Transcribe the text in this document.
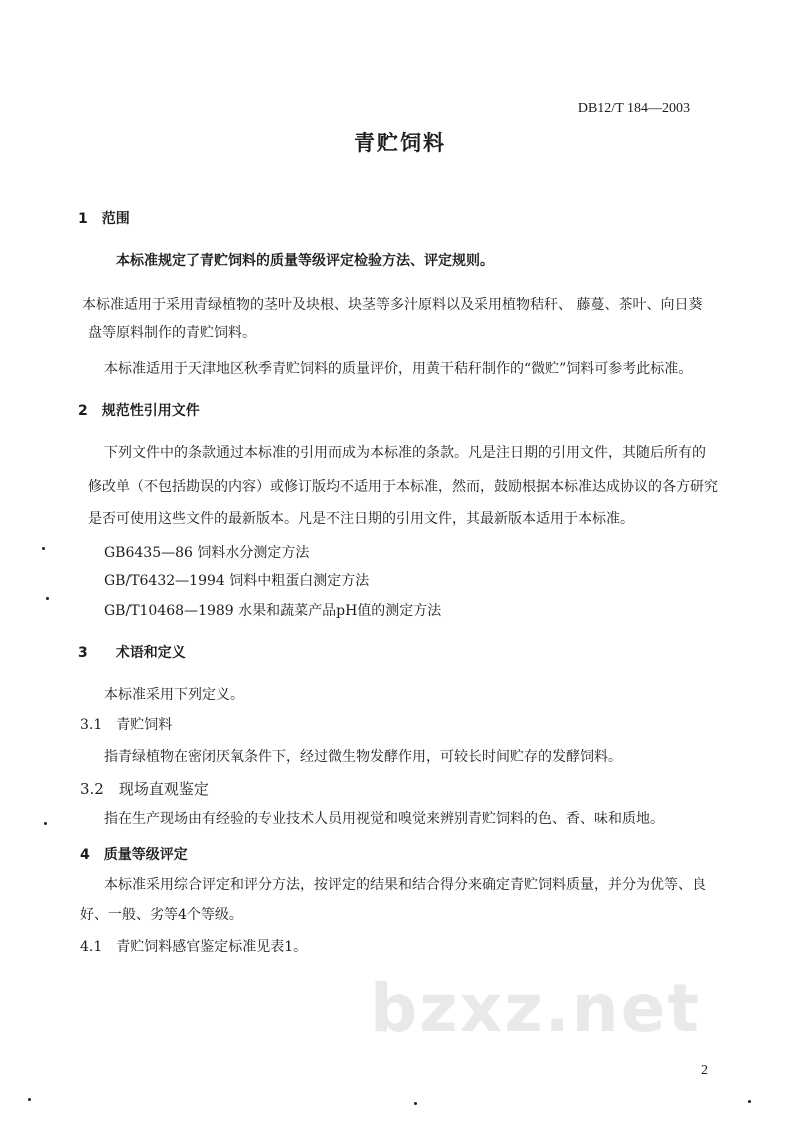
DB12/T 184—2003
青贮饲料
1　范围
本标准规定了青贮饲料的质量等级评定检验方法、评定规则。
本标准适用于采用青绿植物的茎叶及块根、块茎等多汁原料以及采用植物秸秆、 藤蔓、茶叶、向日葵
盘等原料制作的青贮饲料。
本标准适用于天津地区秋季青贮饲料的质量评价，用黄干秸秆制作的“微贮”饲料可参考此标准。
2　规范性引用文件
下列文件中的条款通过本标准的引用而成为本标准的条款。凡是注日期的引用文件，其随后所有的
修改单（不包括勘误的内容）或修订版均不适用于本标准，然而，鼓励根据本标准达成协议的各方研究
是否可使用这些文件的最新版本。凡是不注日期的引用文件，其最新版本适用于本标准。
GB6435—86 饲料水分测定方法
GB/T6432—1994 饲料中粗蛋白测定方法
GB/T10468—1989 水果和蔬菜产品pH值的测定方法
3　　术语和定义
本标准采用下列定义。
3.1　青贮饲料
指青绿植物在密闭厌氧条件下，经过微生物发酵作用，可较长时间贮存的发酵饲料。
3.2　现场直观鉴定
指在生产现场由有经验的专业技术人员用视觉和嗅觉来辨别青贮饲料的色、香、味和质地。
4　质量等级评定
本标准采用综合评定和评分方法，按评定的结果和结合得分来确定青贮饲料质量，并分为优等、良
好、一般、劣等4个等级。
4.1　青贮饲料感官鉴定标准见表1。
bzxz.net
2
